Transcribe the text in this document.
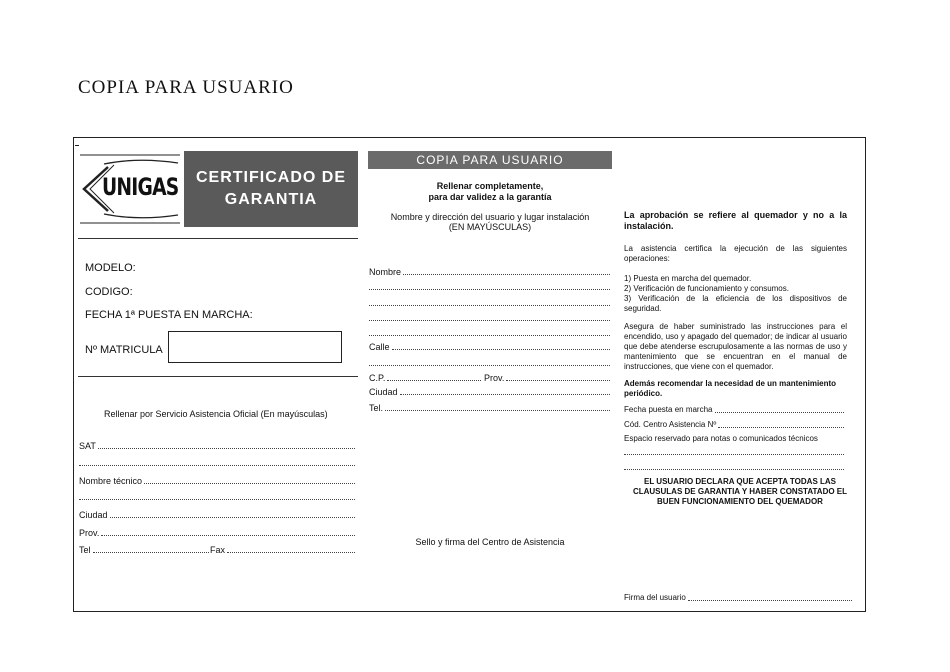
COPIA PARA USUARIO
UNIGAS	CERTIFICADO DE
GARANTIA
MODELO:
CODIGO:
FECHA 1ª PUESTA EN MARCHA:
Nº MATRICULA
Rellenar por Servicio Asistencia Oficial (En mayúsculas)
SAT
Nombre técnico
Ciudad
Prov.
Tel	Fax
COPIA PARA USUARIO
Rellenar completamente,
para dar validez a la garantía
Nombre y dirección del usuario y lugar instalación
(EN MAYÚSCULAS)
Nombre
Calle
C.P.	Prov.
Ciudad
Tel.
Sello y firma del Centro de Asistencia
La aprobación se refiere al quemador y no a la instalación.
La asistencia certifica la ejecución de las siguientes operaciones:
1) Puesta en marcha del quemador.
2) Verificación de funcionamiento y consumos.
3) Verificación de la eficiencia de los dispositivos de seguridad.
Asegura de haber suministrado las instrucciones para el encendido, uso y apagado del quemador; de indicar al usuario que debe atenderse escrupulosamente a las normas de uso y mantenimiento que se encuentran en el manual de instrucciones, que viene con el quemador.
Además recomendar la necesidad de un mantenimiento periódico.
Fecha puesta en marcha
Cód. Centro Asistencia Nº
Espacio reservado para notas o comunicados técnicos
EL USUARIO DECLARA QUE ACEPTA TODAS LAS CLAUSULAS DE GARANTIA Y HABER CONSTATADO EL BUEN FUNCIONAMIENTO DEL QUEMADOR
Firma del usuario
